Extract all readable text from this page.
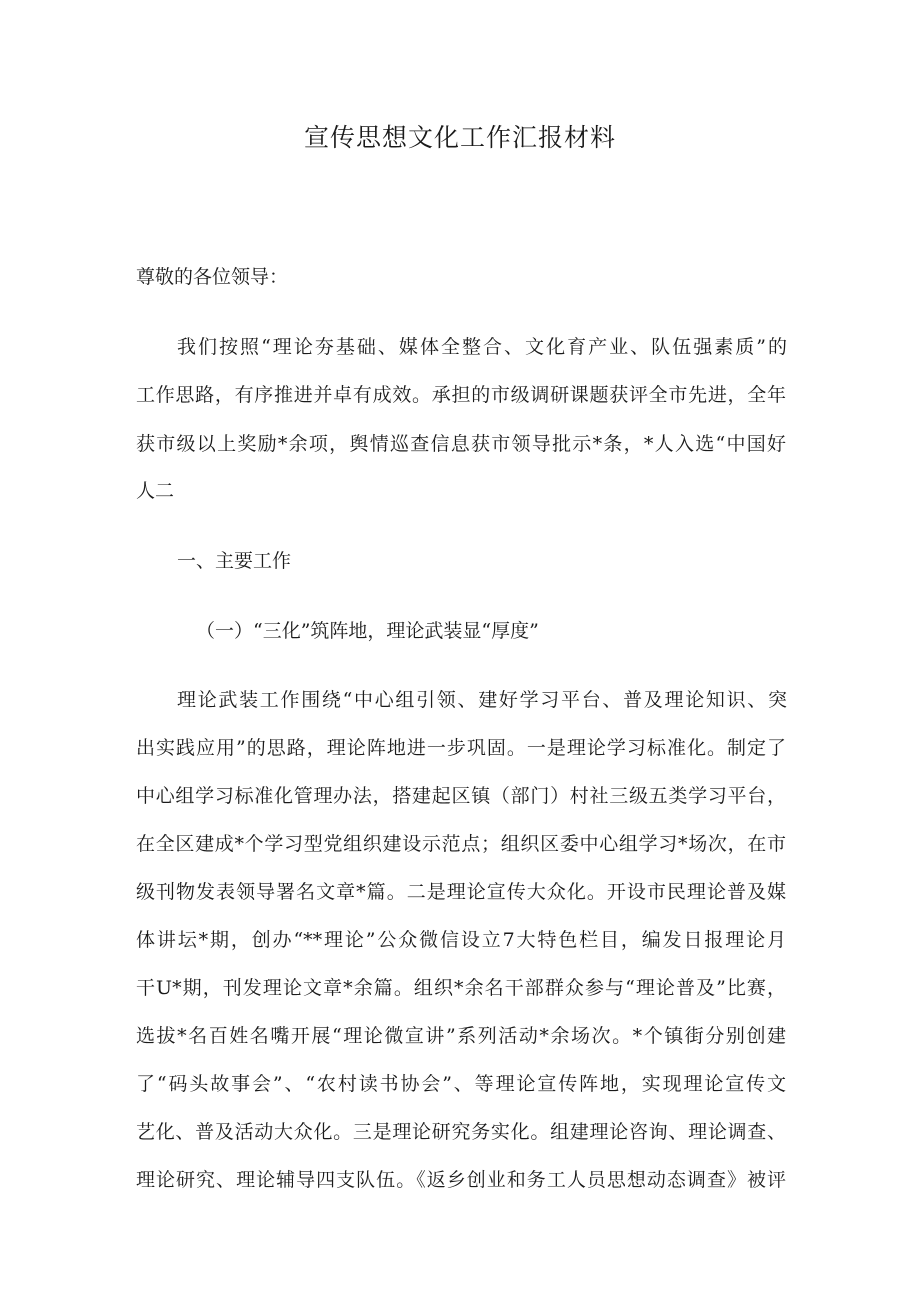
宣传思想文化工作汇报材料

尊敬的各位领导：

我们按照“理论夯基础、媒体全整合、文化育产业、队伍强素质”的

工作思路，有序推进并卓有成效。承担的市级调研课题获评全市先进，全年

获市级以上奖励*余项，舆情巡查信息获市领导批示*条，*人入选“中国好

人二

一、主要工作

（一）“三化”筑阵地，理论武装显“厚度”

理论武装工作围绕“中心组引领、建好学习平台、普及理论知识、突

出实践应用”的思路，理论阵地进一步巩固。一是理论学习标准化。制定了

中心组学习标准化管理办法，搭建起区镇（部门）村社三级五类学习平台，

在全区建成*个学习型党组织建设示范点；组织区委中心组学习*场次，在市

级刊物发表领导署名文章*篇。二是理论宣传大众化。开设市民理论普及媒

体讲坛*期，创办“**理论”公众微信设立7大特色栏目，编发日报理论月

干U*期，刊发理论文章*余篇。组织*余名干部群众参与“理论普及”比赛，

选拔*名百姓名嘴开展“理论微宣讲”系列活动*余场次。*个镇街分别创建

了“码头故事会”、“农村读书协会”、等理论宣传阵地，实现理论宣传文

艺化、普及活动大众化。三是理论研究务实化。组建理论咨询、理论调查、

理论研究、理论辅导四支队伍。《返乡创业和务工人员思想动态调查》被评
